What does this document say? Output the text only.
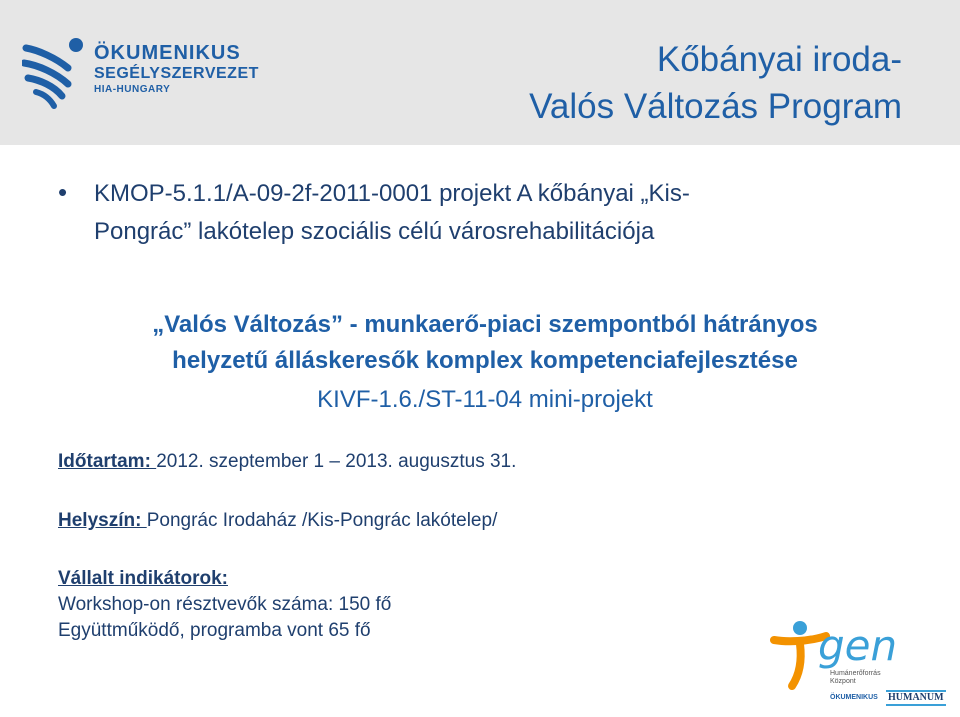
ÖKUMENIKUS
SEGÉLYSZERVEZET
HIA-HUNGARY
Kőbányai iroda-
Valós Változás Program
• KMOP-5.1.1/A-09-2f-2011-0001 projekt A kőbányai „Kis-
Pongrác” lakótelep szociális célú városrehabilitációja
„Valós Változás” - munkaerő-piaci szempontból hátrányos
helyzetű álláskeresők komplex kompetenciafejlesztése
KIVF-1.6./ST-11-04 mini-projekt
Időtartam: 2012. szeptember 1 – 2013. augusztus 31.
Helyszín: Pongrác Irodaház /Kis-Pongrác lakótelep/
Vállalt indikátorok:
Workshop-on résztvevők száma: 150 fő
Együttműködő, programba vont 65 fő	gen
Humánerőforrás
Központ
ÖKUMENIKUS HUMANUM
